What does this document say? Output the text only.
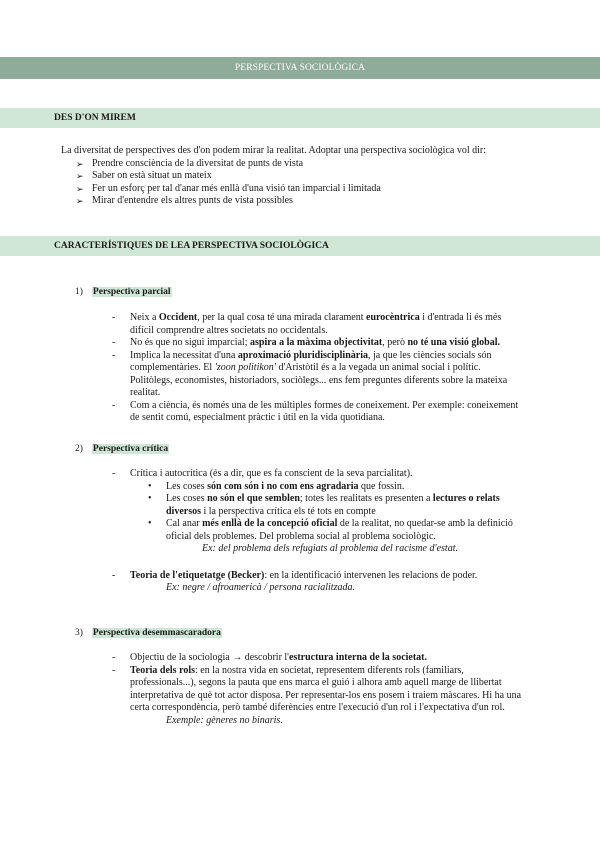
PERSPECTIVA SOCIOLÒGICA
DES D'ON MIREM
La diversitat de perspectives des d'on podem mirar la realitat. Adoptar una perspectiva sociològica vol dir:
➢ Prendre consciència de la diversitat de punts de vista
➢ Saber on està situat un mateix
➢ Fer un esforç per tal d'anar més enllà d'una visió tan imparcial i limitada
➢ Mirar d'entendre els altres punts de vista possibles
CARACTERÍSTIQUES DE LEA PERSPECTIVA SOCIOLÒGICA
1) Perspectiva parcial
- Neix a Occident, per la qual cosa té una mirada clarament eurocèntrica i d'entrada li és més difícil comprendre altres societats no occidentals.
- No és que no sigui imparcial; aspira a la màxima objectivitat, però no té una visió global.
- Implica la necessitat d'una aproximació pluridisciplinària, ja que les ciències socials són complementàries. El 'zoon politikon' d'Aristòtil és a la vegada un animal social i polític. Politòlegs, economistes, historiadors, sociòlegs... ens fem preguntes diferents sobre la mateixa realitat.
- Com a ciència, és només una de les múltiples formes de coneixement. Per exemple: coneixement de sentit comú, especialment pràctic i útil en la vida quotidiana.
2) Perspectiva crítica
- Crítica i autocrítica (és a dir, que es fa conscient de la seva parcialitat).
• Les coses són com són i no com ens agradaria que fossin.
• Les coses no són el que semblen; totes les realitats es presenten a lectures o relats diversos i la perspectiva crítica els té tots en compte
• Cal anar més enllà de la concepció oficial de la realitat, no quedar-se amb la definició oficial dels problemes. Del problema social al problema sociològic.
Ex: del problema dels refugiats al problema del racisme d'estat.
- Teoria de l'etiquetatge (Becker): en la identificació intervenen les relacions de poder.
Ex: negre / afroamericà / persona racialitzada.
3) Perspectiva desemmascaradora
- Objectiu de la sociologia → descobrir l'estructura interna de la societat.
- Teoria dels rols: en la nostra vida en societat, representem diferents rols (familiars, professionals...), segons la pauta que ens marca el guió i alhora amb aquell marge de llibertat interpretativa de què tot actor disposa. Per representar-los ens posem i traiem màscares. Hi ha una certa correspondència, però també diferències entre l'execució d'un rol i l'expectativa d'un rol.
Exemple: gèneres no binaris.
